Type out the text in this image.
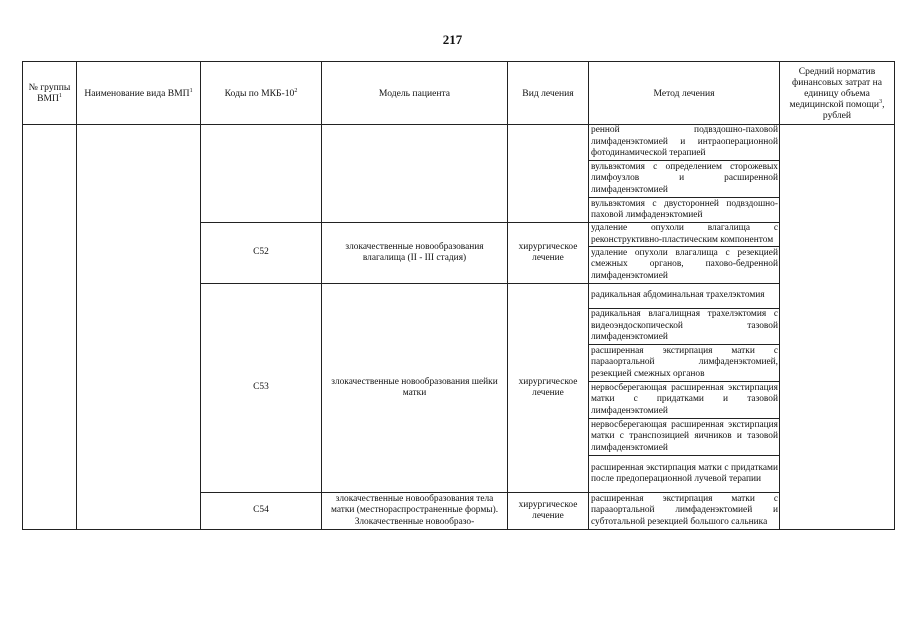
217
№ группы ВМП$^1$	Наименование вида ВМП$^1$	Коды по МКБ-$10^2$	Модель пациента	Вид лечения	Метод лечения	Средний норматив финансовых затрат на единицу объема медицинской помощи$^3$, рублей
					ренной подвздошно-паховой лимфаденэктомией и интраоперационной фотодинамической терапией	
					вульвэктомия с определением сторожевых лимфоузлов и расширенной лимфаденэктомией	
					вульвэктомия с двусторонней подвздошно-паховой лимфаденэктомией	
		C52	злокачественные новообразования влагалища (II - III стадия)	хирургическое лечение	удаление опухоли влагалища с реконструктивно-пластическим компонентом	
					удаление опухоли влагалища с резекцией смежных органов, пахово-бедренной лимфаденэктомией	
		C53	злокачественные новообразования шейки матки	хирургическое лечение	радикальная абдоминальная трахелэктомия	
					радикальная влагалищная трахелэктомия с видеоэндоскопической тазовой лимфаденэктомией	
					расширенная экстирпация матки с парааортальной лимфаденэктомией, резекцией смежных органов	
					нервосберегающая расширенная экстирпация матки с придатками и тазовой лимфаденэктомией	
					нервосберегающая расширенная экстирпация матки с транспозицией яичников и тазовой лимфаденэктомией	
					расширенная экстирпация матки с придатками после предоперационной лучевой терапии	
		C54	злокачественные новообразования тела матки (местнораспространенные формы). Злокачественные новообразо-	хирургическое лечение	расширенная экстирпация матки с парааортальной лимфаденэктомией и субтотальной резекцией большого сальника	
